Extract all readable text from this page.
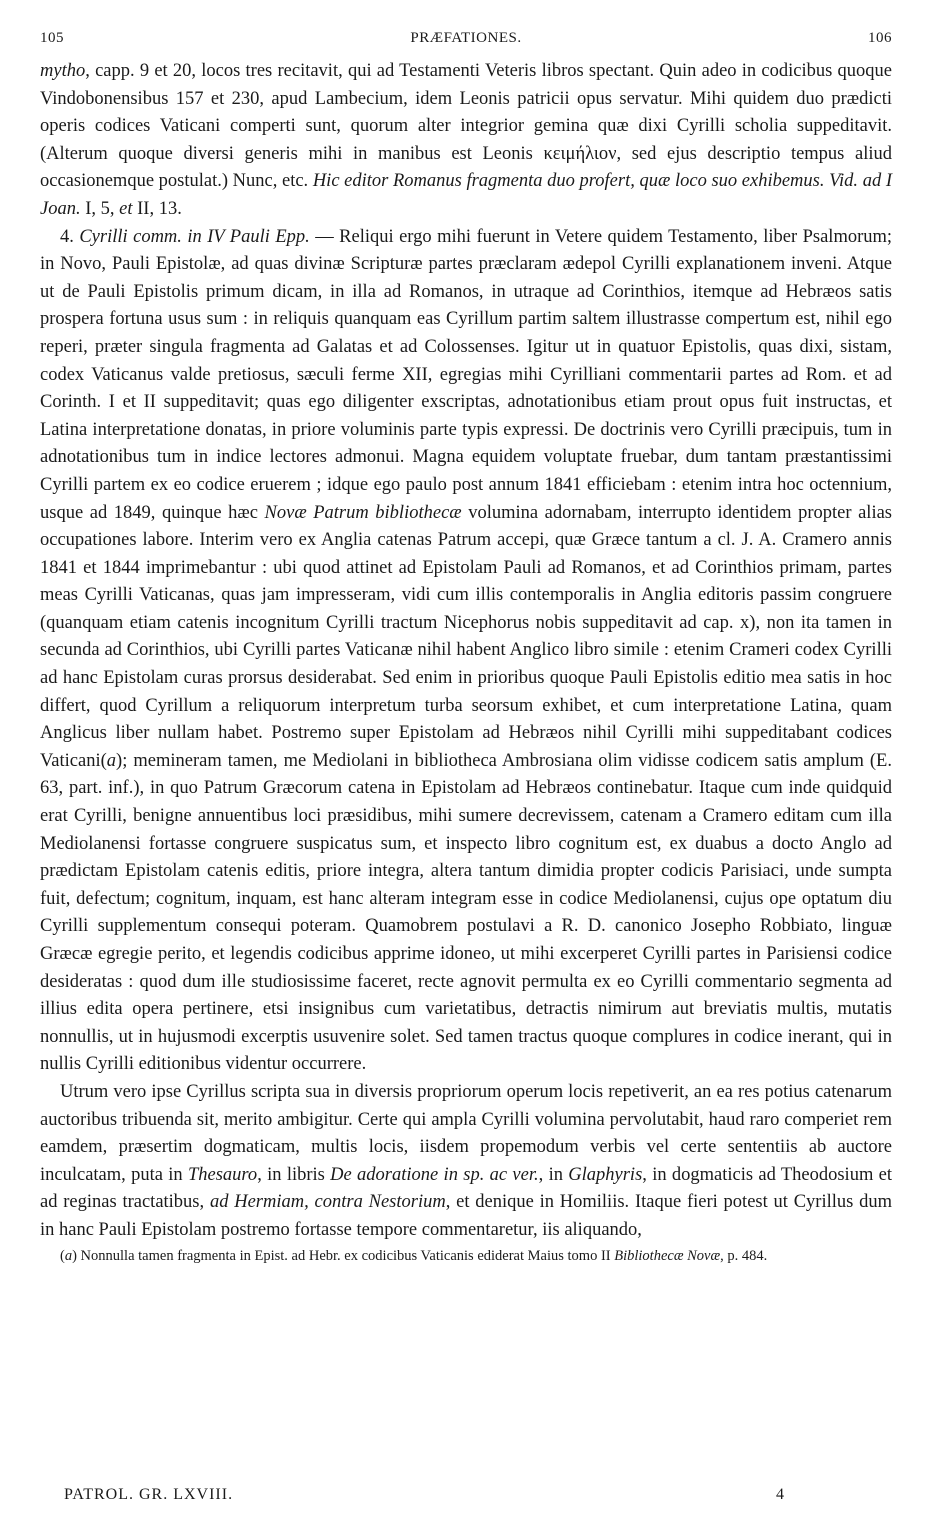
105	PRÆFATIONES.	106

mytho, capp. 9 et 20, locos tres recitavit, qui ad Testamenti Veteris libros spectant. Quin adeo in codicibus quoque Vindobonensibus 157 et 230, apud Lambecium, idem Leonis patricii opus servatur. Mihi quidem duo prædicti operis codices Vaticani comperti sunt, quorum alter integrior gemina quæ dixi Cyrilli scholia suppeditavit. (Alterum quoque diversi generis mihi in manibus est Leonis κειμήλιον, sed ejus descriptio tempus aliud occasionemque postulat.) Nunc, etc. Hic editor Romanus fragmenta duo profert, quæ loco suo exhibemus. Vid. ad I Joan. I, 5, et II, 13.

4. Cyrilli comm. in IV Pauli Epp. — Reliqui ergo mihi fuerunt in Vetere quidem Testamento, liber Psalmorum; in Novo, Pauli Epistolæ, ad quas divinæ Scripturæ partes præclaram ædepol Cyrilli explanationem inveni. Atque ut de Pauli Epistolis primum dicam, in illa ad Romanos, in utraque ad Corinthios, itemque ad Hebræos satis prospera fortuna usus sum : in reliquis quanquam eas Cyrillum partim saltem illustrasse compertum est, nihil ego reperi, præter singula fragmenta ad Galatas et ad Colossenses. Igitur ut in quatuor Epistolis, quas dixi, sistam, codex Vaticanus valde pretiosus, sæculi ferme XII, egregias mihi Cyrilliani commentarii partes ad Rom. et ad Corinth. I et II suppeditavit; quas ego diligenter exscriptas, adnotationibus etiam prout opus fuit instructas, et Latina interpretatione donatas, in priore voluminis parte typis expressi. De doctrinis vero Cyrilli præcipuis, tum in adnotationibus tum in indice lectores admonui. Magna equidem voluptate fruebar, dum tantam præstantissimi Cyrilli partem ex eo codice eruerem ; idque ego paulo post annum 1841 efficiebam : etenim intra hoc octennium, usque ad 1849, quinque hæc Novæ Patrum bibliothecæ volumina adornabam, interrupto identidem propter alias occupationes labore. Interim vero ex Anglia catenas Patrum accepi, quæ Græce tantum a cl. J. A. Cramero annis 1841 et 1844 imprimebantur : ubi quod attinet ad Epistolam Pauli ad Romanos, et ad Corinthios primam, partes meas Cyrilli Vaticanas, quas jam impresseram, vidi cum illis contemporalis in Anglia editoris passim congruere (quanquam etiam catenis incognitum Cyrilli tractum Nicephorus nobis suppeditavit ad cap. x), non ita tamen in secunda ad Corinthios, ubi Cyrilli partes Vaticanæ nihil habent Anglico libro simile : etenim Crameri codex Cyrilli ad hanc Epistolam curas prorsus desiderabat. Sed enim in prioribus quoque Pauli Epistolis editio mea satis in hoc differt, quod Cyrillum a reliquorum interpretum turba seorsum exhibet, et cum interpretatione Latina, quam Anglicus liber nullam habet. Postremo super Epistolam ad Hebræos nihil Cyrilli mihi suppeditabant codices Vaticani(a); memineram tamen, me Mediolani in bibliotheca Ambrosiana olim vidisse codicem satis amplum (E. 63, part. inf.), in quo Patrum Græcorum catena in Epistolam ad Hebræos continebatur. Itaque cum inde quidquid erat Cyrilli, benigne annuentibus loci præsidibus, mihi sumere decrevissem, catenam a Cramero editam cum illa Mediolanensi fortasse congruere suspicatus sum, et inspecto libro cognitum est, ex duabus a docto Anglo ad prædictam Epistolam catenis editis, priore integra, altera tantum dimidia propter codicis Parisiaci, unde sumpta fuit, defectum; cognitum, inquam, est hanc alteram integram esse in codice Mediolanensi, cujus ope optatum diu Cyrilli supplementum consequi poteram. Quamobrem postulavi a R. D. canonico Josepho Robbiato, linguæ Græcæ egregie perito, et legendis codicibus apprime idoneo, ut mihi excerperet Cyrilli partes in Parisiensi codice desideratas : quod dum ille studiosissime faceret, recte agnovit permulta ex eo Cyrilli commentario segmenta ad illius edita opera pertinere, etsi insignibus cum varietatibus, detractis nimirum aut breviatis multis, mutatis nonnullis, ut in hujusmodi excerptis usuvenire solet. Sed tamen tractus quoque complures in codice inerant, qui in nullis Cyrilli editionibus videntur occurrere.

Utrum vero ipse Cyrillus scripta sua in diversis propriorum operum locis repetiverit, an ea res potius catenarum auctoribus tribuenda sit, merito ambigitur. Certe qui ampla Cyrilli volumina pervolutabit, haud raro comperiet rem eamdem, præsertim dogmaticam, multis locis, iisdem propemodum verbis vel certe sententiis ab auctore inculcatam, puta in Thesauro, in libris De adoratione in sp. ac ver., in Glaphyris, in dogmaticis ad Theodosium et ad reginas tractatibus, ad Hermiam, contra Nestorium, et denique in Homiliis. Itaque fieri potest ut Cyrillus dum in hanc Pauli Epistolam postremo fortasse tempore commentaretur, iis aliquando,

(a) Nonnulla tamen fragmenta in Epist. ad Hebr. ex codicibus Vaticanis ediderat Maius tomo II Bibliothecæ Novæ, p. 484.
PATROL. GR. LXVIII.	4
